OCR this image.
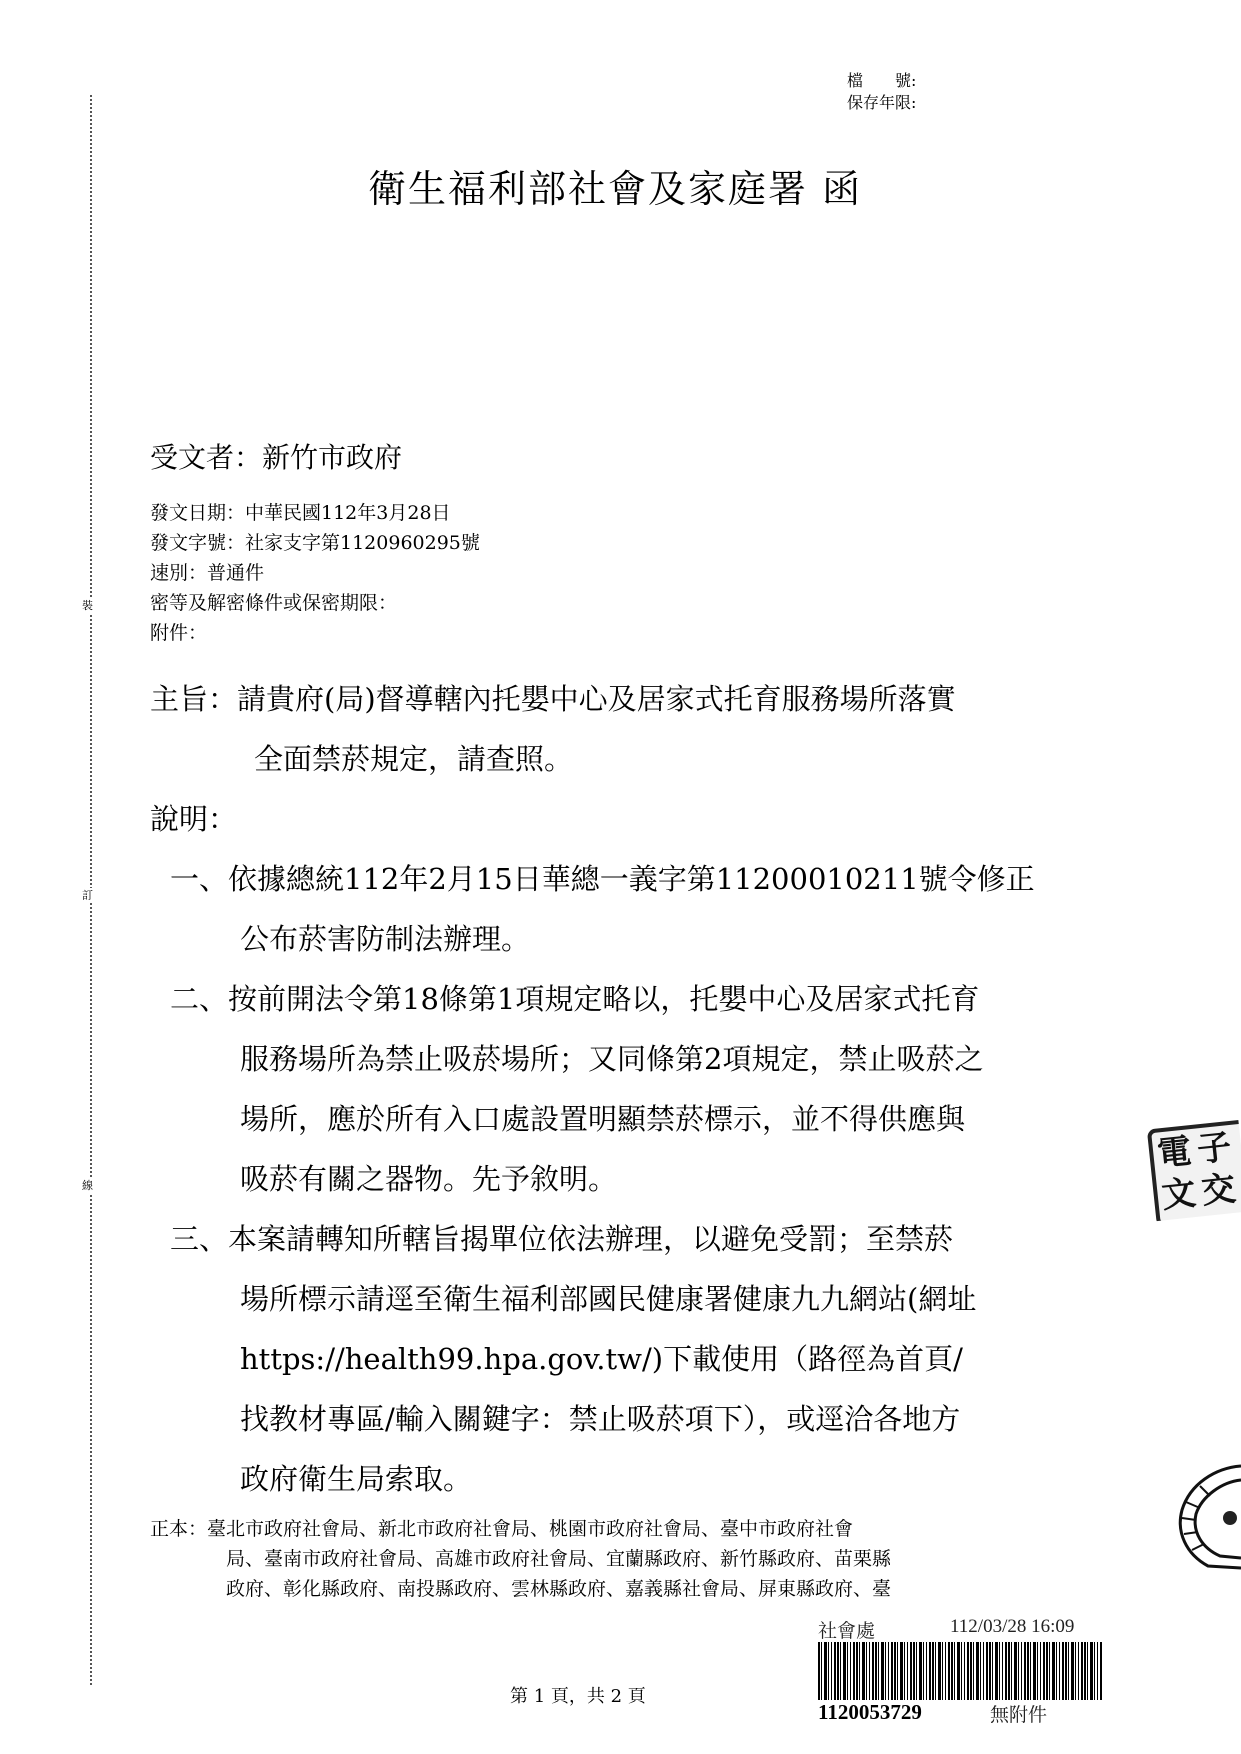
裝
訂
線
檔　　號:
保存年限:
衛生福利部社會及家庭署 函
受文者：新竹市政府
發文日期：中華民國112年3月28日
發文字號：社家支字第1120960295號
速別：普通件
密等及解密條件或保密期限：
附件：
主旨：請貴府(局)督導轄內托嬰中心及居家式托育服務場所落實
全面禁菸規定，請查照。
說明：
一、依據總統112年2月15日華總一義字第11200010211號令修正
公布菸害防制法辦理。
二、按前開法令第18條第1項規定略以，托嬰中心及居家式托育
服務場所為禁止吸菸場所；又同條第2項規定，禁止吸菸之
場所，應於所有入口處設置明顯禁菸標示，並不得供應與
吸菸有關之器物。先予敘明。
三、本案請轉知所轄旨揭單位依法辦理，以避免受罰；至禁菸
場所標示請逕至衛生福利部國民健康署健康九九網站(網址
https://health99.hpa.gov.tw/)下載使用（路徑為首頁/
找教材專區/輸入關鍵字：禁止吸菸項下），或逕洽各地方
政府衛生局索取。
正本：臺北市政府社會局、新北市政府社會局、桃園市政府社會局、臺中市政府社會
局、臺南市政府社會局、高雄市政府社會局、宜蘭縣政府、新竹縣政府、苗栗縣
政府、彰化縣政府、南投縣政府、雲林縣政府、嘉義縣社會局、屏東縣政府、臺
電 子
文 交
社會處	112/03/28 16:09
1120053729	無附件
第 1 頁，共 2 頁
